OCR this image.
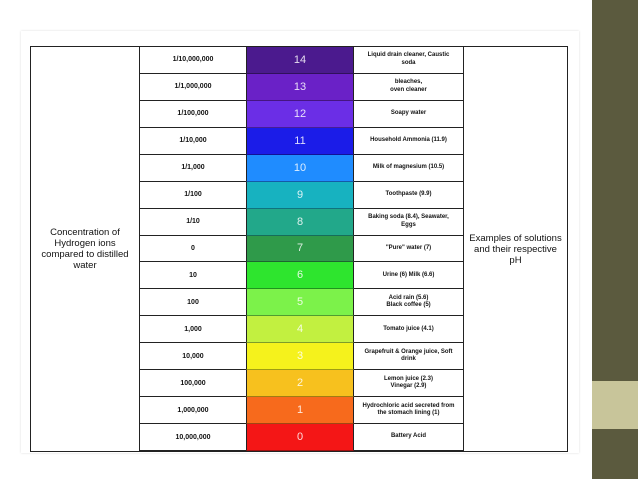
Concentration of
Hydrogen ions
compared to distilled
water
1/10,000,000	14	Liquid drain cleaner, Caustic
soda
1/1,000,000	13	bleaches,
oven cleaner
1/100,000	12	Soapy water
1/10,000	11	Household Ammonia (11.9)
1/1,000	10	Milk of magnesium (10.5)
1/100	9	Toothpaste (9.9)
1/10	8	Baking soda (8.4), Seawater,
Eggs
0	7	"Pure" water (7)
10	6	Urine (6) Milk (6.6)
100	5	Acid rain (5.6)
Black coffee (5)
1,000	4	Tomato juice (4.1)
10,000	3	Grapefruit & Orange juice, Soft
drink
100,000	2	Lemon juice (2.3)
Vinegar (2.9)
1,000,000	1	Hydrochloric acid secreted from
the stomach lining (1)
10,000,000	0	Battery Acid
Examples of solutions
and their respective pH
